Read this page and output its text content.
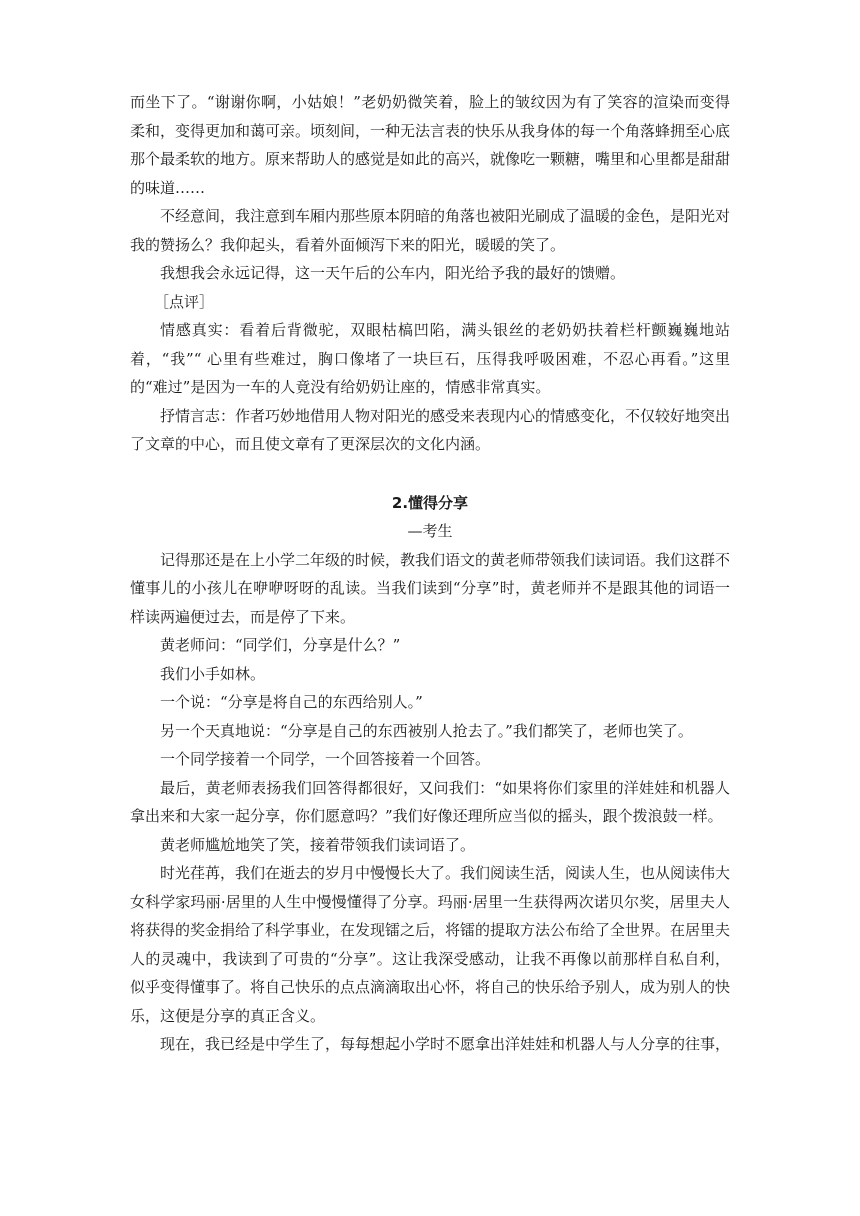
而坐下了。“谢谢你啊，小姑娘！”老奶奶微笑着，脸上的皱纹因为有了笑容的渲染而变得柔和，变得更加和蔼可亲。顷刻间，一种无法言表的快乐从我身体的每一个角落蜂拥至心底那个最柔软的地方。原来帮助人的感觉是如此的高兴，就像吃一颗糖，嘴里和心里都是甜甜的味道……

不经意间，我注意到车厢内那些原本阴暗的角落也被阳光刷成了温暖的金色，是阳光对我的赞扬么？我仰起头，看着外面倾泻下来的阳光，暖暖的笑了。

我想我会永远记得，这一天午后的公车内，阳光给予我的最好的馈赠。

［点评］

情感真实：看着后背微驼，双眼枯槁凹陷，满头银丝的老奶奶扶着栏杆颤巍巍地站着，“我”“ 心里有些难过，胸口像堵了一块巨石，压得我呼吸困难，不忍心再看。”这里的“难过”是因为一车的人竟没有给奶奶让座的，情感非常真实。

抒情言志：作者巧妙地借用人物对阳光的感受来表现内心的情感变化，不仅较好地突出了文章的中心，而且使文章有了更深层次的文化内涵。

2.懂得分享

—考生

记得那还是在上小学二年级的时候，教我们语文的黄老师带领我们读词语。我们这群不懂事儿的小孩儿在咿咿呀呀的乱读。当我们读到“分享”时，黄老师并不是跟其他的词语一样读两遍便过去，而是停了下来。

黄老师问：“同学们，分享是什么？”

我们小手如林。

一个说：“分享是将自己的东西给别人。”

另一个天真地说：“分享是自己的东西被别人抢去了。”我们都笑了，老师也笑了。

一个同学接着一个同学，一个回答接着一个回答。

最后，黄老师表扬我们回答得都很好，又问我们：“如果将你们家里的洋娃娃和机器人拿出来和大家一起分享，你们愿意吗？”我们好像还理所应当似的摇头，跟个拨浪鼓一样。

黄老师尴尬地笑了笑，接着带领我们读词语了。

时光荏苒，我们在逝去的岁月中慢慢长大了。我们阅读生活，阅读人生，也从阅读伟大女科学家玛丽·居里的人生中慢慢懂得了分享。玛丽·居里一生获得两次诺贝尔奖，居里夫人将获得的奖金捐给了科学事业，在发现镭之后，将镭的提取方法公布给了全世界。在居里夫人的灵魂中，我读到了可贵的“分享”。这让我深受感动，让我不再像以前那样自私自利，似乎变得懂事了。将自己快乐的点点滴滴取出心怀，将自己的快乐给予别人，成为别人的快乐，这便是分享的真正含义。

现在，我已经是中学生了，每每想起小学时不愿拿出洋娃娃和机器人与人分享的往事，
